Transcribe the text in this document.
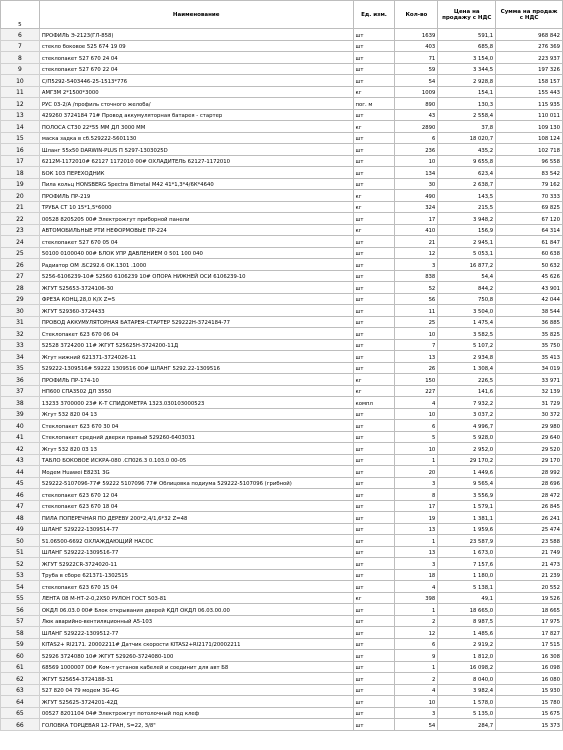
5	Наименование	Ед. изм.	Кол-во	Цена на продажу с НДС	Сумма на продаж с НДС
6	ПРОФИЛЬ Э-2123(ГЛ-858)	шт	1639	591,1	968 842
7	стекло боковое 525 674 19 09	шт	403	685,8	276 369
8	стеклопакет 527 670 24 04	шт	71	3 154,0	223 937
9	стеклопакет 527 670 22 04	шт	59	3 344,5	197 326
10	С/П5292-5403446-25-1513*776	шт	54	2 928,8	158 157
11	АМГЗМ 2*1500*3000	кг	1009	154,1	155 443
12	РУС 03-2/А /профиль сточного желоба/	пог. м	890	130,3	115 935
13	429260 3724184 71# Провод аккумуляторная батарея - стартер	шт	43	2 558,4	110 011
14	ПОЛОСА СТ30 22*55 ММ ДЛ 3000 ММ	кг	2890	37,8	109 130
15	маска задка в сб.529222-5601130	шт	6	18 020,7	108 124
16	Шланг 55х50 DARWIN-PLUS П 5297-1303025D	шт	236	435,2	102 718
17	6212М-1172010# 62127 1172010 00# ОХЛАДИТЕЛЬ 62127-1172010	шт	10	9 655,8	96 558
18	БОК 103 ПЕРЕХОДНИК	шт	134	623,4	83 542
19	Пила кольц HONSBERG Spectra Bimetal M42 41*1,3*4/6К*4640	шт	30	2 638,7	79 162
20	ПРОФИЛЬ ПР-219	кг	490	143,5	70 333
21	ТРУБА СТ 10 15*1,5*6000	кг	324	215,5	69 825
22	00528 8205205 00# Электрожгут приборной панели	шт	17	3 948,2	67 120
23	АВТОМОБИЛЬНЫЕ РТИ НЕФОРМОВЫЕ ПР-224	кг	410	156,9	64 314
24	стеклопакет 527 670 05 04	шт	21	2 945,1	61 847
25	50100 0100040 00# БЛОК УПР ДАВЛЕНИЕМ 0 501 100 040	шт	12	5 053,1	60 638
26	Радиатор ОМ .БС292.6 ОК.1301 .1000	шт	3	16 877,2	50 632
27	5256-6106239-10# 52560 6106239 10# ОПОРА НИЖНЕЙ ОСИ 6106239-10	шт	838	54,4	45 626
28	ЖГУТ 525653-3724106-30	шт	52	844,2	43 901
29	ФРЕЗА КОНЦ.28,0 К/Х Z=5	шт	56	750,8	42 044
30	ЖГУТ 529360-3724433	шт	11	3 504,0	38 544
31	ПРОВОД АККУМУЛЯТОРНАЯ БАТАРЕЯ-СТАРТЕР 529222Н-3724184-77	шт	25	1 475,4	36 885
32	Стеклопакет 623 670 06 04	шт	10	3 582,5	35 825
33	52528 3724200 11# ЖГУТ 525625Н-3724200-11Д	шт	7	5 107,2	35 750
34	Жгут нижний 621371-3724026-11	шт	13	2 934,8	35 413
35	529222-1309516# 59222 1309516 00# ШЛАНГ 5292.22-1309516	шт	26	1 308,4	34 019
36	ПРОФИЛЬ ПР-174-10	кг	150	226,5	33 971
37	НП600 СПА3502 ДЛ 3550	кг	227	141,6	32 139
38	13233 3700000 23# К-Т СПИДОМЕТРА 1323.030103000523	компл	4	7 932,2	31 729
39	Жгут 532 820 04 13	шт	10	3 037,2	30 372
40	Стеклопакет 623 670 30 04	шт	6	4 996,7	29 980
41	Стеклопакет средний дверки правый 529260-6403031	шт	5	5 928,0	29 640
42	Жгут 532 820 03 13	шт	10	2 952,0	29 520
43	ТАБЛО БОКОВОЕ ИСКРА-080 .СП026.3 0.103.0 00-05	шт	1	29 170,2	29 170
44	Модем Huawei E8231 3G	шт	20	1 449,6	28 992
45	529222-5107096-77# 59222 5107096 77# Облицовка подиума 529222-5107096 (грибной)	шт	3	9 565,4	28 696
46	стеклопакет 623 670 12 04	шт	8	3 556,9	28 472
47	стеклопакет 623 670 18 04	шт	17	1 579,1	26 845
48	ПИЛА ПОПЕРЕЧНАЯ ПО ДЕРЕВУ 200*2,4/1,6*32 Z=48	шт	19	1 381,1	26 241
49	ШЛАНГ 529222-1309514-77	шт	13	1 959,6	25 474
50	51.06500-6692 ОХЛАЖДАЮЩИЙ НАСОС	шт	1	23 587,9	23 588
51	ШЛАНГ 529222-1309516-77	шт	13	1 673,0	21 749
52	ЖГУТ 52922СR-3724020-11	шт	3	7 157,6	21 473
53	Труба в сборе 621371-1302515	шт	18	1 180,0	21 239
54	стеклопакет 623 670 15 04	шт	4	5 138,1	20 552
55	ЛЕНТА 08 М-НТ-2-0,2Х50 РУЛОН ГОСТ 503-81	кг	398	49,1	19 526
56	ОКДЛ 06.03.0 00# Блок открывания дверей КДЛ ОКДЛ 06.03.00.00	шт	1	18 665,0	18 665
57	Люк аварийно-вентиляционный А5-103	шт	2	8 987,5	17 975
58	ШЛАНГ 529222-1309512-77	шт	12	1 485,6	17 827
59	KITAS2+ RI2171. 20002211# Датчик скорости KITAS2+RI2171/20002211	шт	6	2 919,2	17 515
60	52926 3724080 10# ЖГУТ 529260-3724080-100	шт	9	1 812,0	16 308
61	68569 1000007 00# Ком-т установ кабелей и соединит для авт Б8	шт	1	16 098,2	16 098
62	ЖГУТ 525654-3724188-31	шт	2	8 040,0	16 080
63	527 820 04 79 модем 3G-4G	шт	4	3 982,4	15 930
64	ЖГУТ 525625-3724201-42Д	шт	10	1 578,0	15 780
65	00527 8201104 04# Электрожгут потолочный под клеф	шт	3	5 135,0	15 675
66	ГОЛОВКА ТОРЦЕВАЯ 12-ГРАН, S=22, 3/8"	шт	54	284,7	15 373
